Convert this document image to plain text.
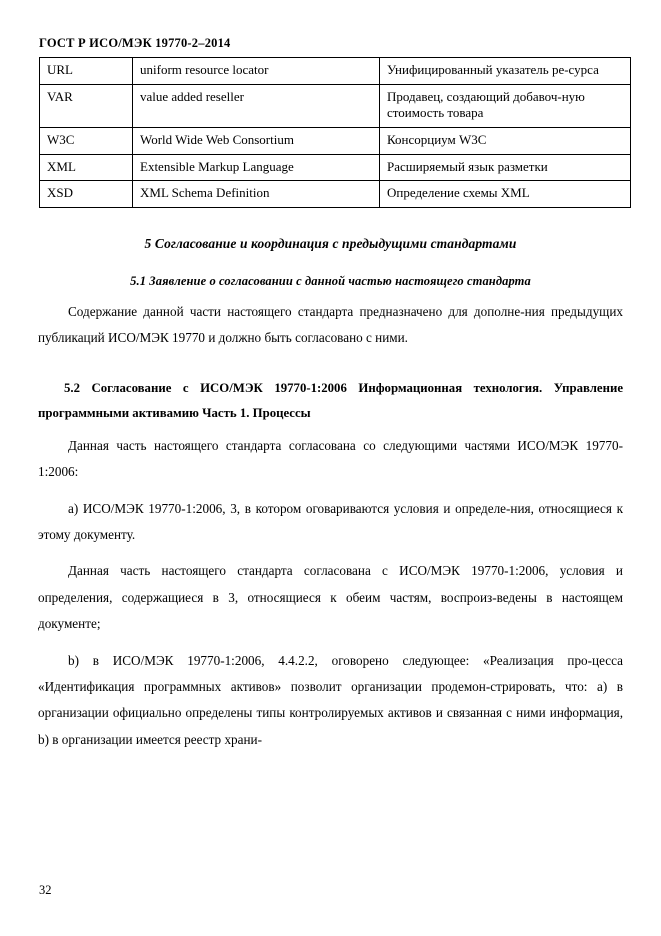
ГОСТ Р ИСО/МЭК 19770-2–2014
URL	uniform resource locator	Унифицированный указатель ре-сурса
VAR	value added reseller	Продавец, создающий добавоч-ную стоимость товара
W3C	World Wide Web Consortium	Консорциум W3C
XML	Extensible Markup Language	Расширяемый язык разметки
XSD	XML Schema Definition	Определение схемы XML
5 Согласование и координация с предыдущими стандартами
5.1 Заявление о согласовании с данной частью настоящего стандарта

Содержание данной части настоящего стандарта предназначено для дополне-ния предыдущих публикаций ИСО/МЭК 19770 и должно быть согласовано с ними.

5.2 Согласование с ИСО/МЭК 19770-1:2006 Информационная технология. Управление программными активамию Часть 1. Процессы

Данная часть настоящего стандарта согласована со следующими частями ИСО/МЭК 19770-1:2006:

a) ИСО/МЭК 19770-1:2006, 3, в котором оговариваются условия и определе-ния, относящиеся к этому документу.

Данная часть настоящего стандарта согласована с ИСО/МЭК 19770-1:2006, условия и определения, содержащиеся в 3, относящиеся к обеим частям, воспроиз-ведены в настоящем документе;

b) в ИСО/МЭК 19770-1:2006, 4.4.2.2, оговорено следующее: «Реализация про-цесса «Идентификация программных активов» позволит организации продемон-стрировать, что: a) в организации официально определены типы контролируемых активов и связанная с ними информация, b) в организации имеется реестр храни-

32
